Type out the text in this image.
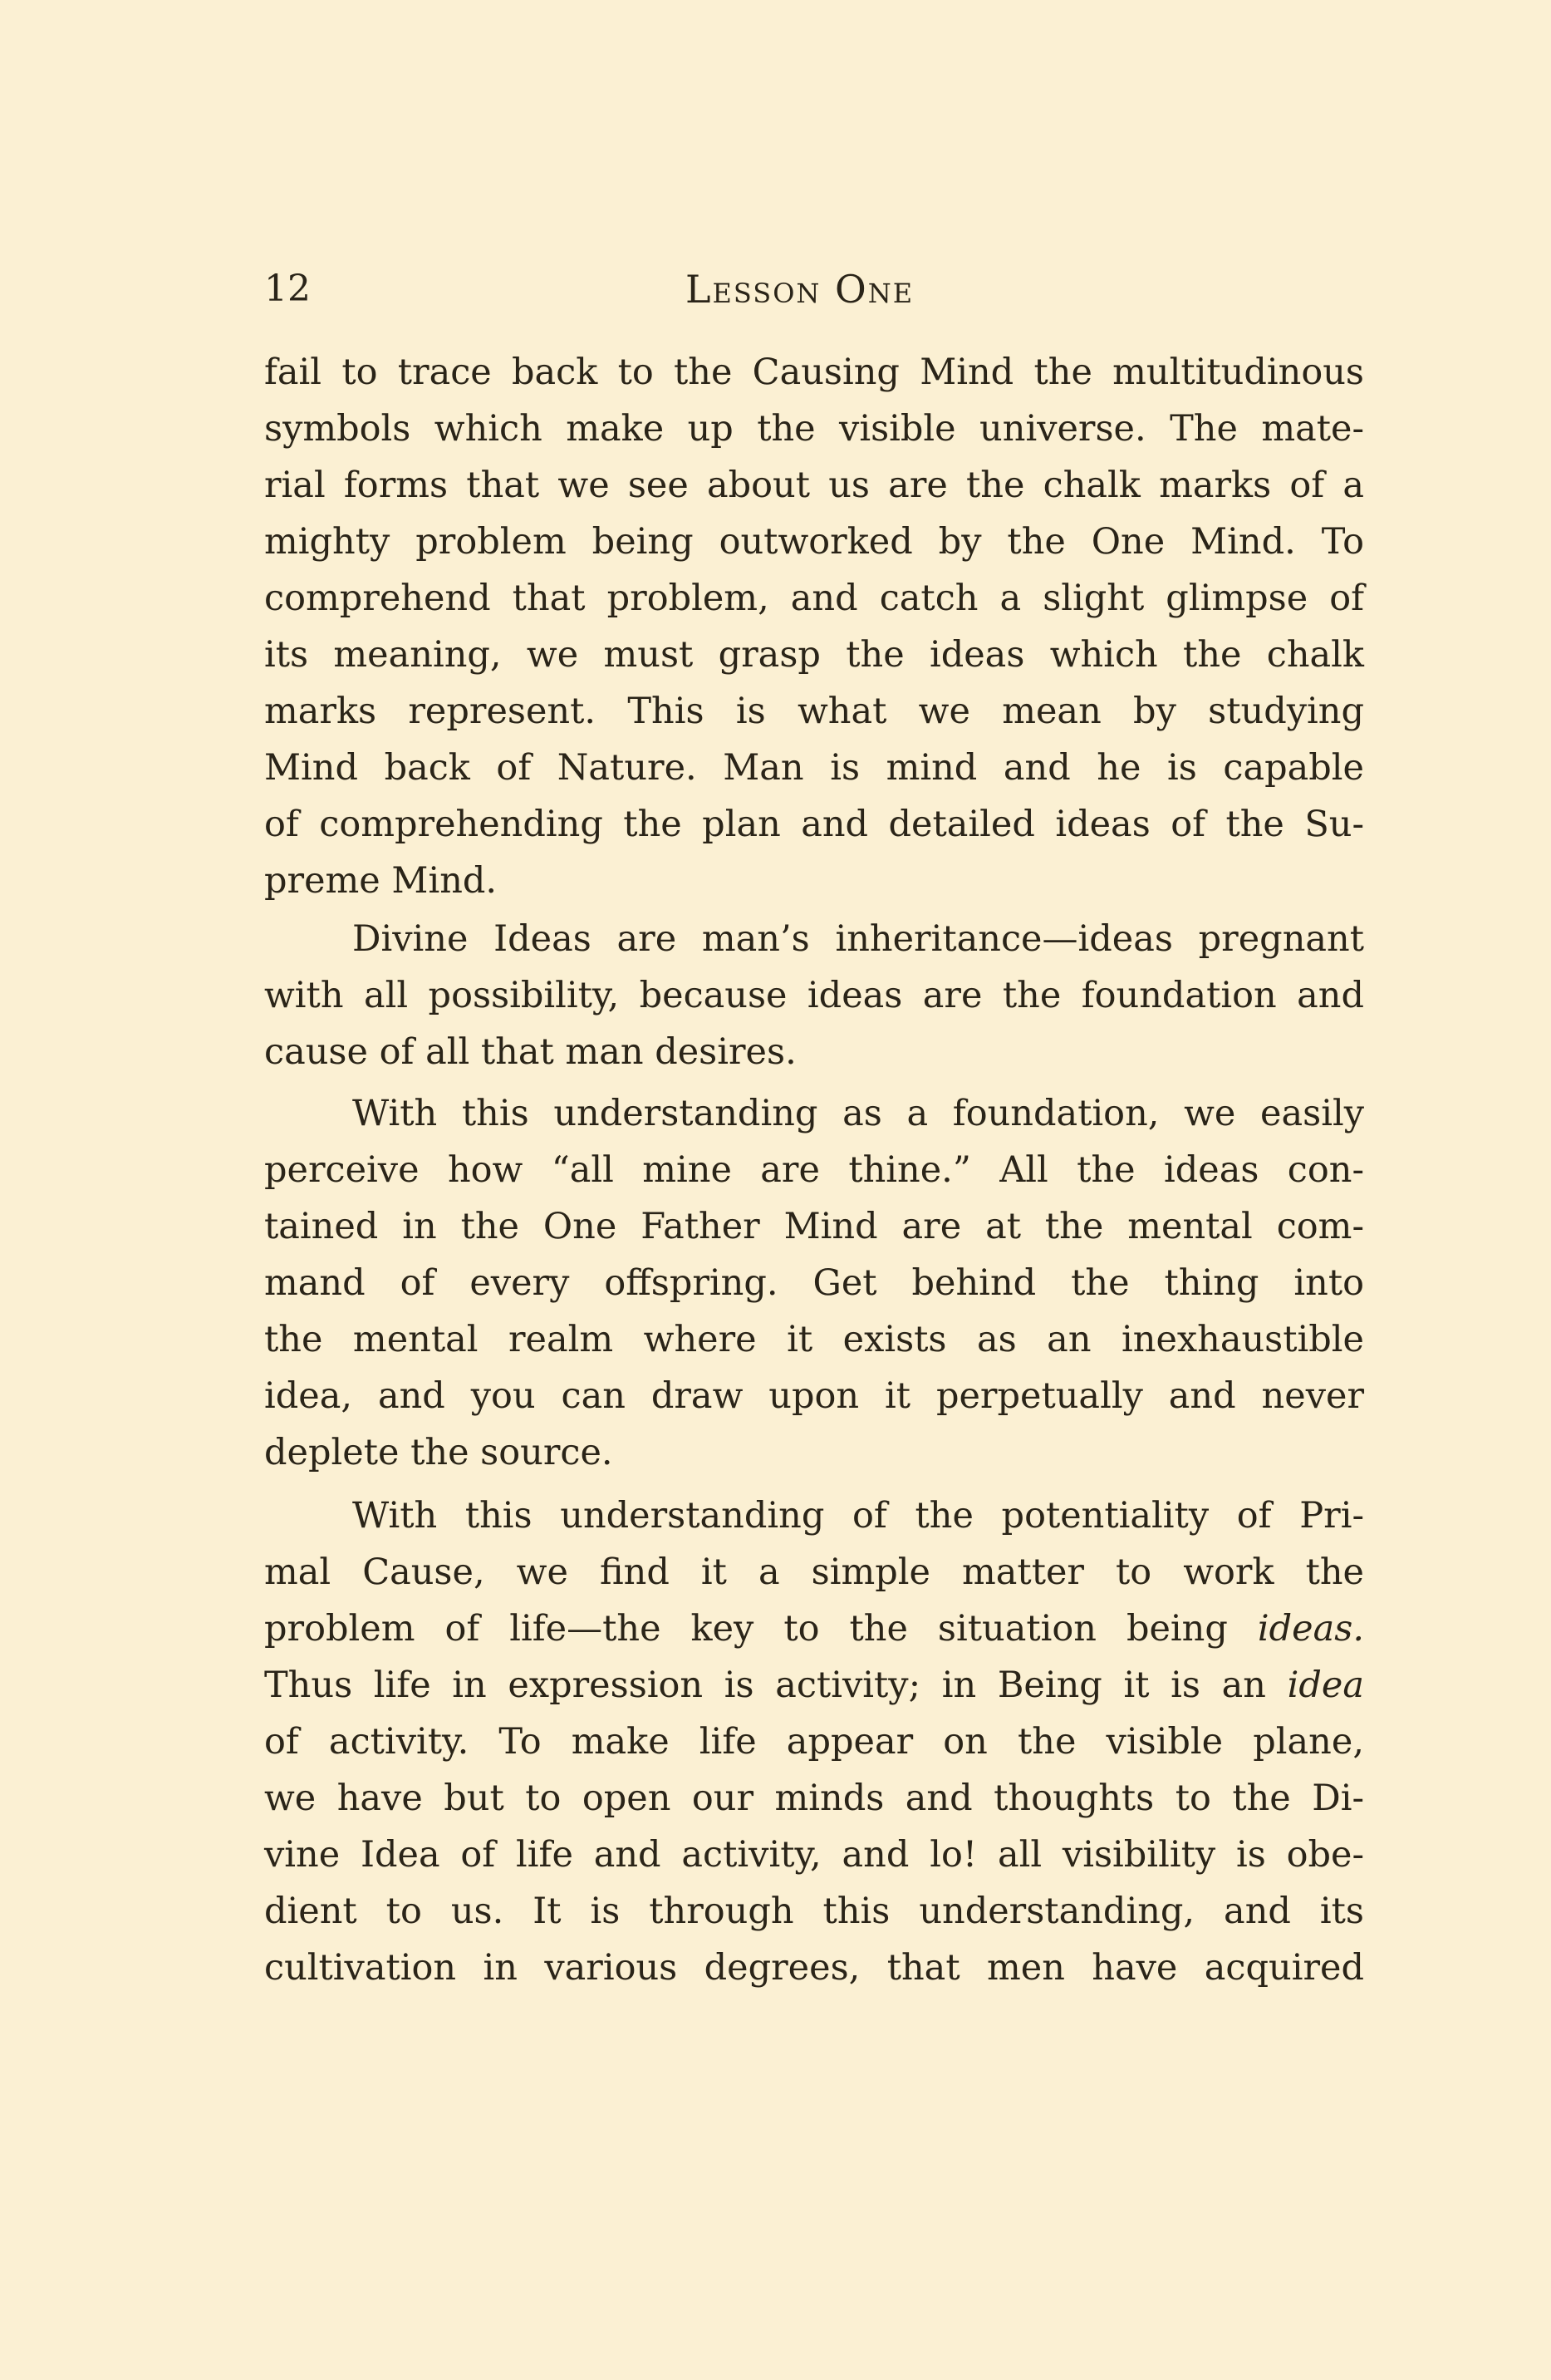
12	Lesson One
fail to trace back to the Causing Mind the multitudinous
symbols which make up the visible universe. The mate-
rial forms that we see about us are the chalk marks of a
mighty problem being outworked by the One Mind. To
comprehend that problem, and catch a slight glimpse of
its meaning, we must grasp the ideas which the chalk
marks represent. This is what we mean by studying
Mind back of Nature. Man is mind and he is capable
of comprehending the plan and detailed ideas of the Su-
preme Mind.
Divine Ideas are man’s inheritance—ideas pregnant
with all possibility, because ideas are the foundation and
cause of all that man desires.
With this understanding as a foundation, we easily
perceive how “all mine are thine.” All the ideas con-
tained in the One Father Mind are at the mental com-
mand of every offspring. Get behind the thing into
the mental realm where it exists as an inexhaustible
idea, and you can draw upon it perpetually and never
deplete the source.
With this understanding of the potentiality of Pri-
mal Cause, we find it a simple matter to work the
problem of life—the key to the situation being ideas.
Thus life in expression is activity; in Being it is an idea
of activity. To make life appear on the visible plane,
we have but to open our minds and thoughts to the Di-
vine Idea of life and activity, and lo! all visibility is obe-
dient to us. It is through this understanding, and its
cultivation in various degrees, that men have acquired
